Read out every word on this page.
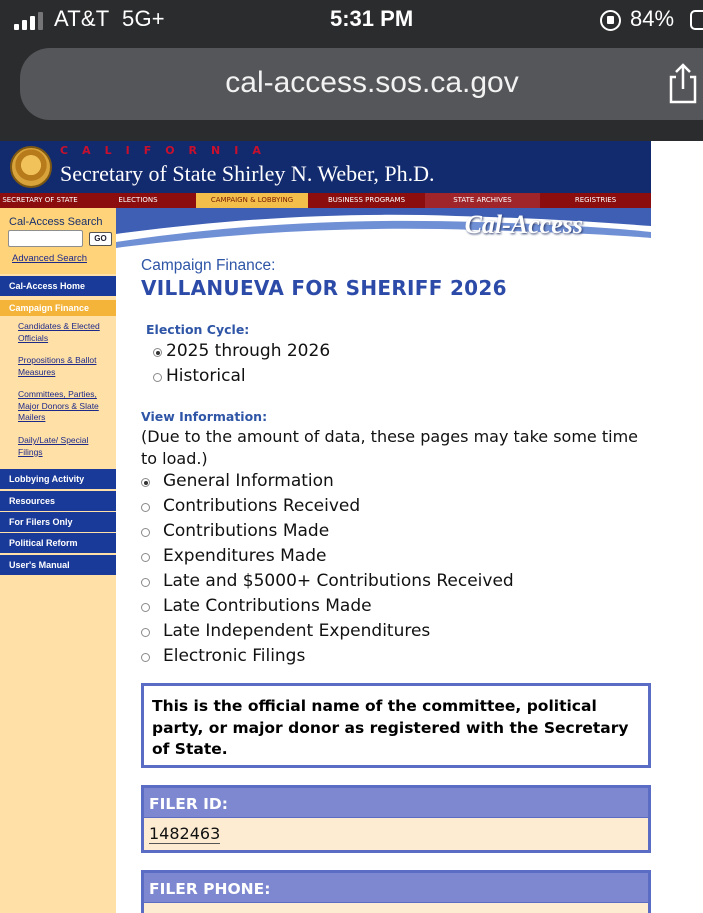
AT&T 5G+	5:31 PM	84%
cal-access.sos.ca.gov
CALIFORNIA
Secretary of State Shirley N. Weber, Ph.D.
SECRETARY OF STATE	ELECTIONS	CAMPAIGN & LOBBYING	BUSINESS PROGRAMS	STATE ARCHIVES	REGISTRIES
Cal-Access Search
GO
Advanced Search
Cal-Access Home
Campaign Finance
Candidates & Elected Officials
Propositions & Ballot Measures
Committees, Parties, Major Donors & Slate Mailers
Daily/Late/ Special Filings
Lobbying Activity
Resources
For Filers Only
Political Reform
User's Manual
Cal-Access
Campaign Finance:
VILLANUEVA FOR SHERIFF 2026
Election Cycle:
2025 through 2026
Historical
View Information:
(Due to the amount of data, these pages may take some time to load.)
General Information
Contributions Received
Contributions Made
Expenditures Made
Late and $5000+ Contributions Received
Late Contributions Made
Late Independent Expenditures
Electronic Filings
This is the official name of the committee, political party, or major donor as registered with the Secretary of State.
FILER ID:
1482463
FILER PHONE:
